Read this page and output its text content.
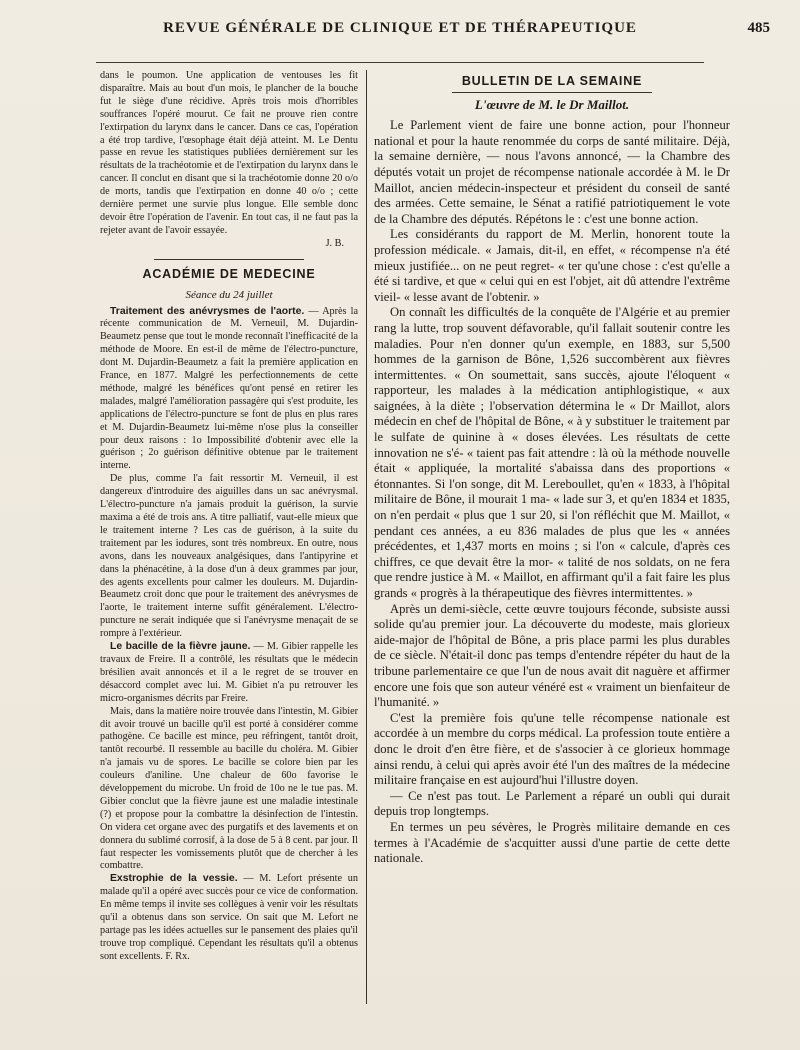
REVUE GÉNÉRALE DE CLINIQUE ET DE THÉRAPEUTIQUE	485

dans le poumon. Une application de ventouses les fit disparaître. Mais au bout d'un mois, le plancher de la bouche fut le siège d'une récidive. Après trois mois d'horribles souffrances l'opéré mourut. Ce fait ne prouve rien contre l'extirpation du larynx dans le cancer. Dans ce cas, l'opération a été trop tardive, l'œsophage était déjà atteint. M. Le Dentu passe en revue les statistiques publiées dernièrement sur les résultats de la trachéotomie et de l'extirpation du larynx dans le cancer. Il conclut en disant que si la trachéotomie donne 20 o/o de morts, tandis que l'extirpation en donne 40 o/o ; cette dernière permet une survie plus longue. Elle semble donc devoir être l'opération de l'avenir. En tout cas, il ne faut pas la rejeter avant de l'avoir essayée.

J. B.

ACADÉMIE DE MEDECINE
Séance du 24 juillet

Traitement des anévrysmes de l'aorte. — Après la récente communication de M. Verneuil, M. Dujardin-Beaumetz pense que tout le monde reconnaît l'inefficacité de la méthode de Moore. En est-il de même de l'électro-puncture, dont M. Dujardin-Beaumetz a fait la première application en France, en 1877. Malgré les perfectionnements de cette méthode, malgré les bénéfices qu'ont pensé en retirer les malades, malgré l'amélioration passagère qui s'est produite, les applications de l'électro-puncture se font de plus en plus rares et M. Dujardin-Beaumetz lui-même n'ose plus la conseiller pour deux raisons : 1o Impossibilité d'obtenir avec elle la guérison ; 2o guérison définitive obtenue par le traitement interne.

De plus, comme l'a fait ressortir M. Verneuil, il est dangereux d'introduire des aiguilles dans un sac anévrysmal. L'électro-puncture n'a jamais produit la guérison, la survie maxima a été de trois ans. A titre palliatif, vaut-elle mieux que le traitement interne ? Les cas de guérison, à la suite du traitement par les iodures, sont très nombreux. En outre, nous avons, dans les nouveaux analgésiques, dans l'antipyrine et dans la phénacétine, à la dose d'un à deux grammes par jour, des agents excellents pour calmer les douleurs. M. Dujardin-Beaumetz croit donc que pour le traitement des anévrysmes de l'aorte, le traitement interne suffit généralement. L'électro-puncture ne serait indiquée que si l'anévrysme menaçait de se rompre à l'extérieur.

Le bacille de la fièvre jaune. — M. Gibier rappelle les travaux de Freire. Il a contrôlé, les résultats que le médecin brésilien avait annoncés et il a le regret de se trouver en désaccord complet avec lui. M. Gibiet n'a pu retrouver les micro-organismes décrits par Freire.

Mais, dans la matière noire trouvée dans l'intestin, M. Gibier dit avoir trouvé un bacille qu'il est porté à considérer comme pathogène. Ce bacille est mince, peu réfringent, tantôt droit, tantôt recourbé. Il ressemble au bacille du choléra. M. Gibier n'a jamais vu de spores. Le bacille se colore bien par les couleurs d'aniline. Une chaleur de 60o favorise le développement du microbe. Un froid de 10o ne le tue pas. M. Gibier conclut que la fièvre jaune est une maladie intestinale (?) et propose pour la combattre la désinfection de l'intestin. On videra cet organe avec des purgatifs et des lavements et on donnera du sublimé corrosif, à la dose de 5 à 8 cent. par jour. Il faut respecter les vomissements plutôt que de chercher à les combattre.

Exstrophie de la vessie. — M. Lefort présente un malade qu'il a opéré avec succès pour ce vice de conformation. En même temps il invite ses collègues à venir voir les résultats qu'il a obtenus dans son service. On sait que M. Lefort ne partage pas les idées actuelles sur le pansement des plaies qu'il trouve trop compliqué. Cependant les résultats qu'il a obtenus sont excellents. F. Rx.

BULLETIN DE LA SEMAINE
L'œuvre de M. le Dr Maillot.

Le Parlement vient de faire une bonne action, pour l'honneur national et pour la haute renommée du corps de santé militaire. Déjà, la semaine dernière, — nous l'avons annoncé, — la Chambre des députés votait un projet de récompense nationale accordée à M. le Dr Maillot, ancien médecin-inspecteur et président du conseil de santé des armées. Cette semaine, le Sénat a ratifié patriotiquement le vote de la Chambre des députés. Répétons le : c'est une bonne action.

Les considérants du rapport de M. Merlin, honorent toute la profession médicale. « Jamais, dit-il, en effet, « récompense n'a été mieux justifiée... on ne peut regret- « ter qu'une chose : c'est qu'elle a été si tardive, et que « celui qui en est l'objet, ait dû attendre l'extrême vieil- « lesse avant de l'obtenir. »

On connaît les difficultés de la conquête de l'Algérie et au premier rang la lutte, trop souvent défavorable, qu'il fallait soutenir contre les maladies. Pour n'en donner qu'un exemple, en 1883, sur 5,500 hommes de la garnison de Bône, 1,526 succombèrent aux fièvres intermittentes. « On soumettait, sans succès, ajoute l'éloquent « rapporteur, les malades à la médication antiphlogistique, « aux saignées, à la diète ; l'observation détermina le « Dr Maillot, alors médecin en chef de l'hôpital de Bône, « à y substituer le traitement par le sulfate de quinine à « doses élevées. Les résultats de cette innovation ne s'é- « taient pas fait attendre : là où la méthode nouvelle était « appliquée, la mortalité s'abaissa dans des proportions « étonnantes. Si l'on songe, dit M. Lereboullet, qu'en « 1833, à l'hôpital militaire de Bône, il mourait 1 ma- « lade sur 3, et qu'en 1834 et 1835, on n'en perdait « plus que 1 sur 20, si l'on réfléchit que M. Maillot, « pendant ces années, a eu 836 malades de plus que les « années précédentes, et 1,437 morts en moins ; si l'on « calcule, d'après ces chiffres, ce que devait être la mor- « talité de nos soldats, on ne fera que rendre justice à M. « Maillot, en affirmant qu'il a fait faire les plus grands « progrès à la thérapeutique des fièvres intermittentes. »

Après un demi-siècle, cette œuvre toujours féconde, subsiste aussi solide qu'au premier jour. La découverte du modeste, mais glorieux aide-major de l'hôpital de Bône, a pris place parmi les plus durables de ce siècle. N'était-il donc pas temps d'entendre répéter du haut de la tribune parlementaire ce que l'un de nous avait dit naguère et affirmer encore une fois que son auteur vénéré est « vraiment un bienfaiteur de l'humanité. »

C'est la première fois qu'une telle récompense nationale est accordée à un membre du corps médical. La profession toute entière a donc le droit d'en être fière, et de s'associer à ce glorieux hommage ainsi rendu, à celui qui après avoir été l'un des maîtres de la médecine militaire française en est aujourd'hui l'illustre doyen.

— Ce n'est pas tout. Le Parlement a réparé un oubli qui durait depuis trop longtemps.

En termes un peu sévères, le Progrès militaire demande en ces termes à l'Académie de s'acquitter aussi d'une partie de cette dette nationale.
